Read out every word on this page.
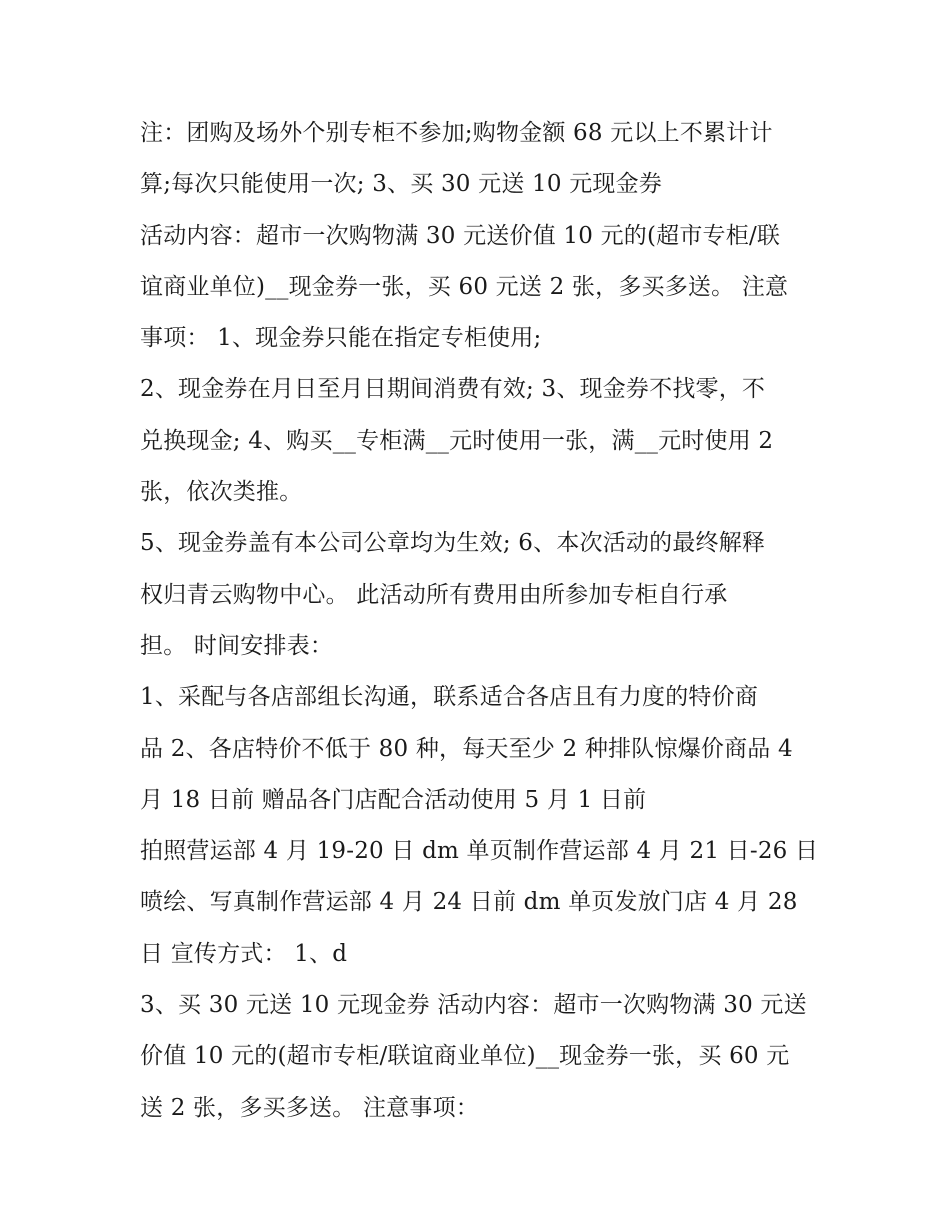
注：团购及场外个别专柜不参加;购物金额 68 元以上不累计计
算;每次只能使用一次; 3、买 30 元送 10 元现金券
活动内容：超市一次购物满 30 元送价值 10 元的(超市专柜/联
谊商业单位)__现金券一张，买 60 元送 2 张，多买多送。 注意
事项： 1、现金券只能在指定专柜使用;
2、现金券在月日至月日期间消费有效; 3、现金券不找零，不
兑换现金; 4、购买__专柜满__元时使用一张，满__元时使用 2
张，依次类推。
5、现金券盖有本公司公章均为生效; 6、本次活动的最终解释
权归青云购物中心。 此活动所有费用由所参加专柜自行承
担。 时间安排表：
1、采配与各店部组长沟通，联系适合各店且有力度的特价商
品 2、各店特价不低于 80 种，每天至少 2 种排队惊爆价商品 4
月 18 日前 赠品各门店配合活动使用 5 月 1 日前
拍照营运部 4 月 19-20 日 dm 单页制作营运部 4 月 21 日-26 日
喷绘、写真制作营运部 4 月 24 日前 dm 单页发放门店 4 月 28
日 宣传方式： 1、d
3、买 30 元送 10 元现金券 活动内容：超市一次购物满 30 元送
价值 10 元的(超市专柜/联谊商业单位)__现金券一张，买 60 元
送 2 张，多买多送。 注意事项：
